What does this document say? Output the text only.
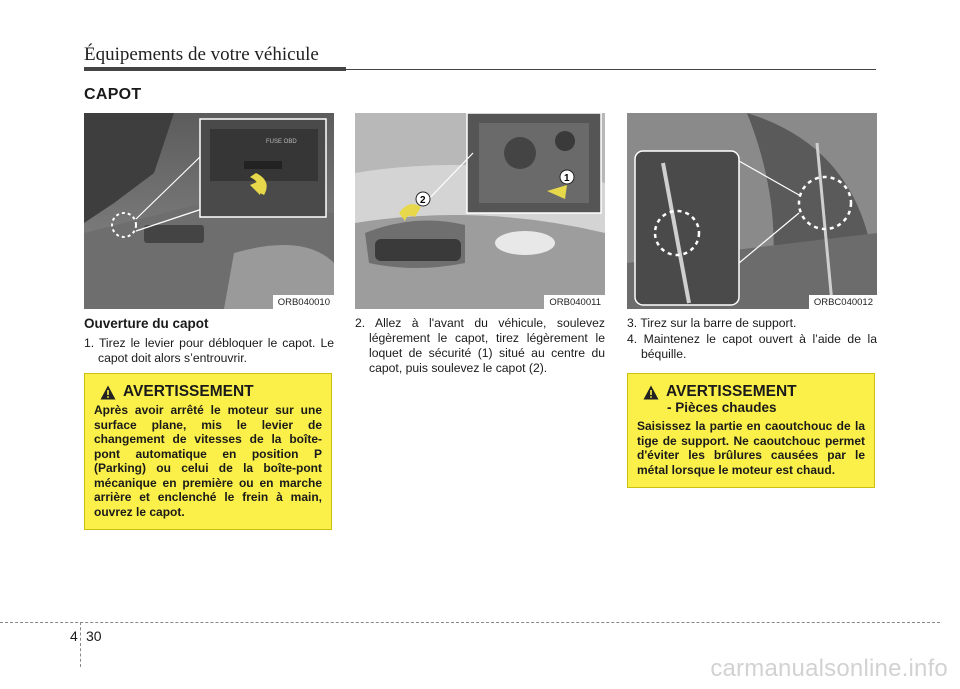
Équipements de votre véhicule
CAPOT
FUSE OBD
ORB040010
1
2
ORB040011	ORBC040012
Ouverture du capot

1. Tirez le levier pour débloquer le capot. Le capot doit alors s’entrouvrir.

2. Allez à l'avant du véhicule, soulevez légèrement le capot, tirez légèrement le loquet de sécurité (1) situé au centre du capot, puis soulevez le capot (2).

3. Tirez sur la barre de support.

4. Maintenez le capot ouvert à l’aide de la béquille.

AVERTISSEMENT
Après avoir arrêté le moteur sur une surface plane, mis le levier de changement de vitesses de la boîte-pont automatique en position P (Parking) ou celui de la boîte-pont mécanique en première ou en marche arrière et enclenché le frein à main, ouvrez le capot.
AVERTISSEMENT
- Pièces chaudes
Saisissez la partie en caoutchouc de la tige de support. Ne caoutchouc permet d'éviter les brûlures causées par le métal lorsque le moteur est chaud.
4 30
carmanualsonline.info
